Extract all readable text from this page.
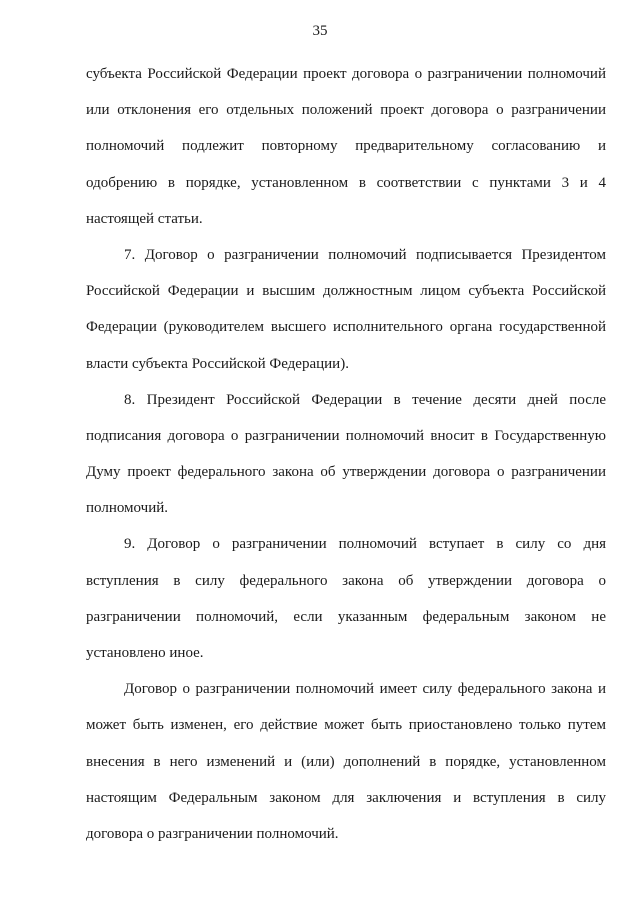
35
субъекта Российской Федерации проект договора о разграничении полномочий
или отклонения его отдельных положений проект договора о разграничении
полномочий подлежит повторному предварительному согласованию и
одобрению в порядке, установленном в соответствии с пунктами 3 и 4
настоящей статьи.
7. Договор о разграничении полномочий подписывается Президентом
Российской Федерации и высшим должностным лицом субъекта Российской
Федерации (руководителем высшего исполнительного органа государственной
власти субъекта Российской Федерации).
8. Президент Российской Федерации в течение десяти дней после
подписания договора о разграничении полномочий вносит в Государственную
Думу проект федерального закона об утверждении договора о разграничении
полномочий.
9. Договор о разграничении полномочий вступает в силу со дня
вступления в силу федерального закона об утверждении договора о
разграничении полномочий, если указанным федеральным законом не
установлено иное.
Договор о разграничении полномочий имеет силу федерального закона и
может быть изменен, его действие может быть приостановлено только путем
внесения в него изменений и (или) дополнений в порядке, установленном
настоящим Федеральным законом для заключения и вступления в силу
договора о разграничении полномочий.
